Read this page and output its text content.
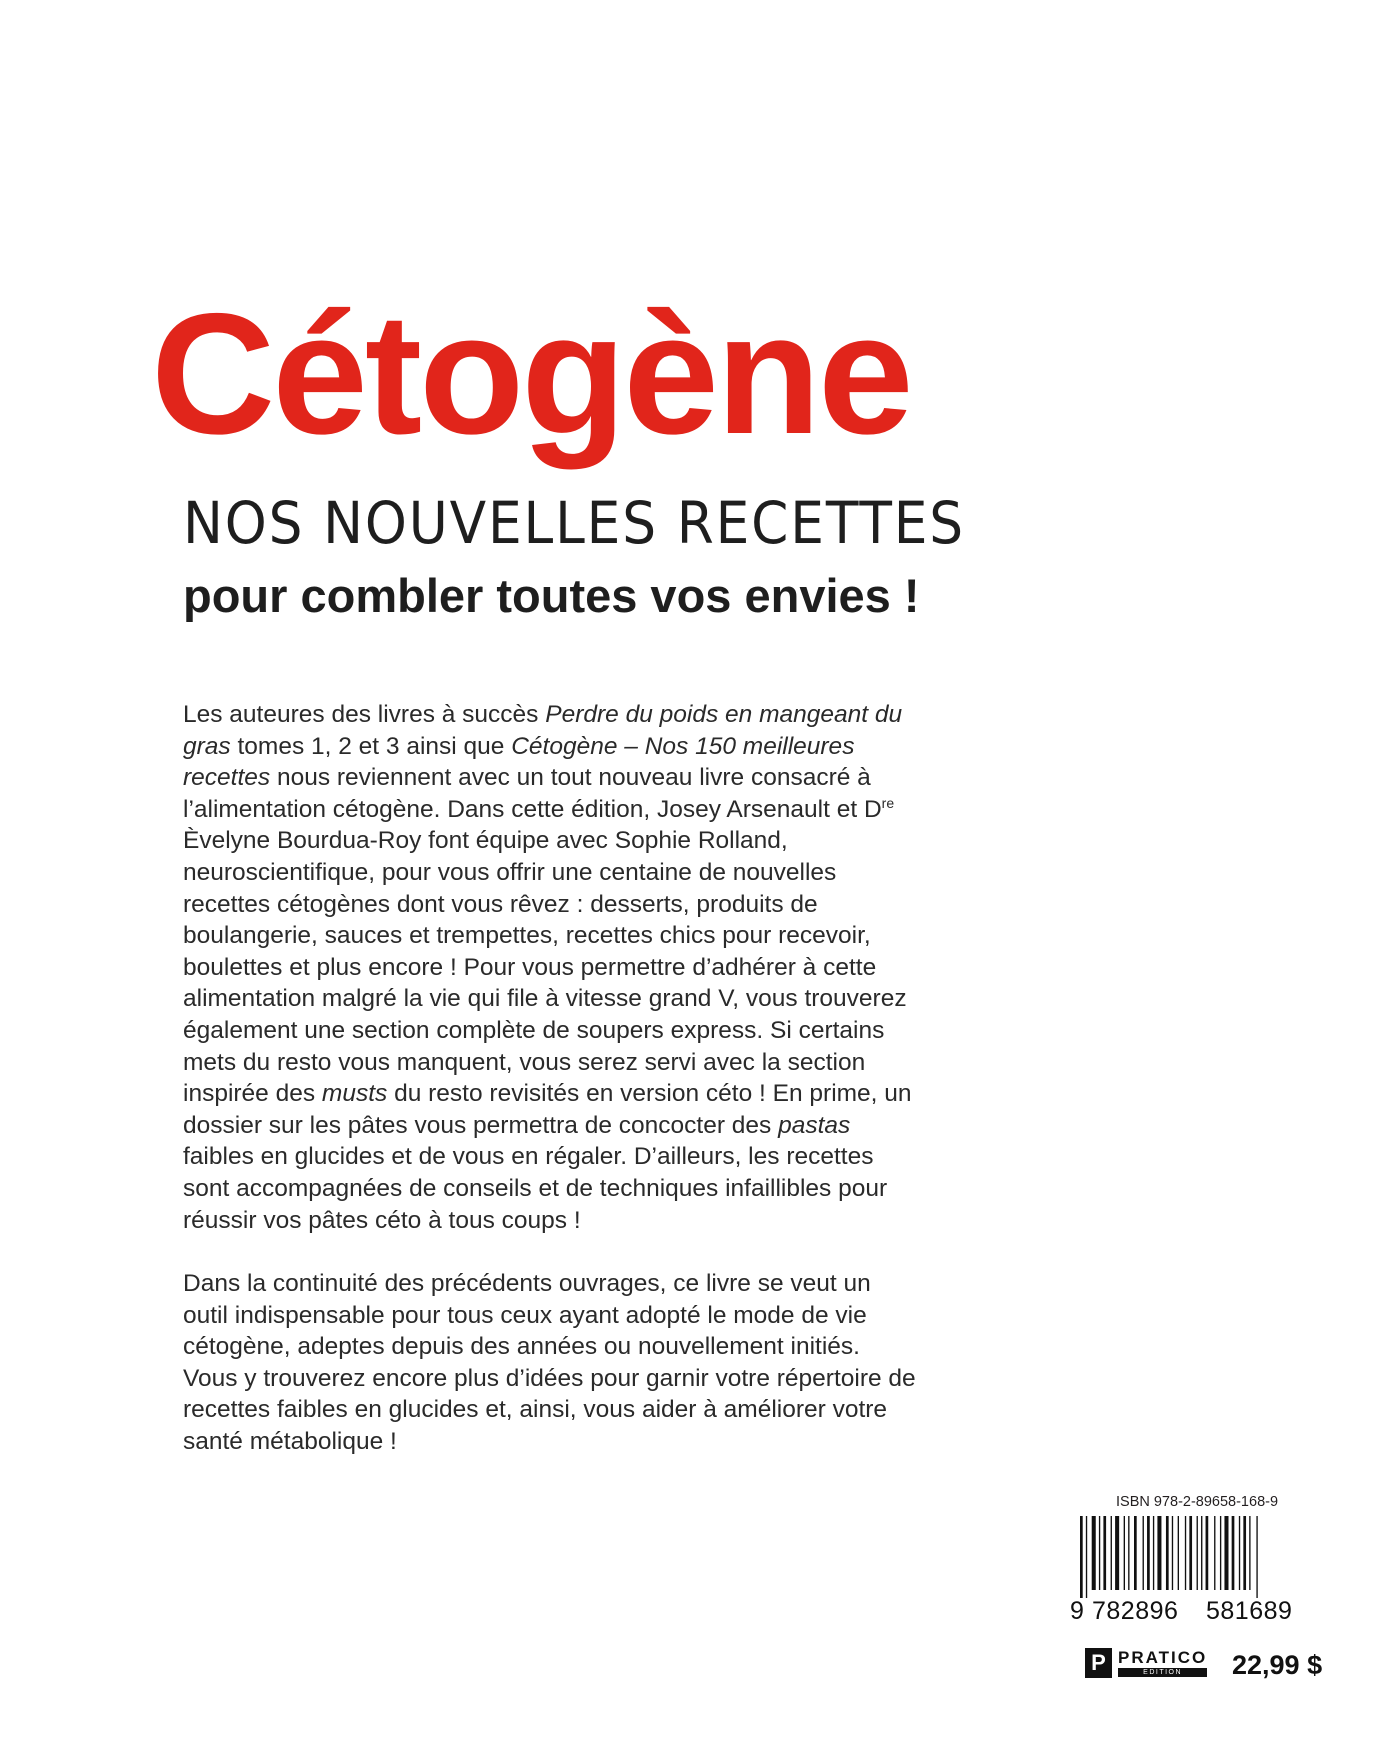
Cétogène
NOS NOUVELLES RECETTES
pour combler toutes vos envies !

Les auteures des livres à succès Perdre du poids en mangeant du gras tomes 1, 2 et 3 ainsi que Cétogène – Nos 150 meilleures recettes nous reviennent avec un tout nouveau livre consacré à l’alimentation cétogène. Dans cette édition, Josey Arsenault et Dre Èvelyne Bourdua-Roy font équipe avec Sophie Rolland, neuroscientifique, pour vous offrir une centaine de nouvelles recettes cétogènes dont vous rêvez : desserts, produits de boulangerie, sauces et trempettes, recettes chics pour recevoir, boulettes et plus encore ! Pour vous permettre d’adhérer à cette alimentation malgré la vie qui file à vitesse grand V, vous trouverez également une section complète de soupers express. Si certains mets du resto vous manquent, vous serez servi avec la section inspirée des musts du resto revisités en version céto ! En prime, un dossier sur les pâtes vous permettra de concocter des pastas faibles en glucides et de vous en régaler. D’ailleurs, les recettes sont accompagnées de conseils et de techniques infaillibles pour réussir vos pâtes céto à tous coups !

Dans la continuité des précédents ouvrages, ce livre se veut un outil indispensable pour tous ceux ayant adopté le mode de vie cétogène, adeptes depuis des années ou nouvellement initiés. Vous y trouverez encore plus d’idées pour garnir votre répertoire de recettes faibles en glucides et, ainsi, vous aider à améliorer votre santé métabolique !

ISBN 978-2-89658-168-9
9 782896 581689
P PRATICO
EDITION	22,99 $
